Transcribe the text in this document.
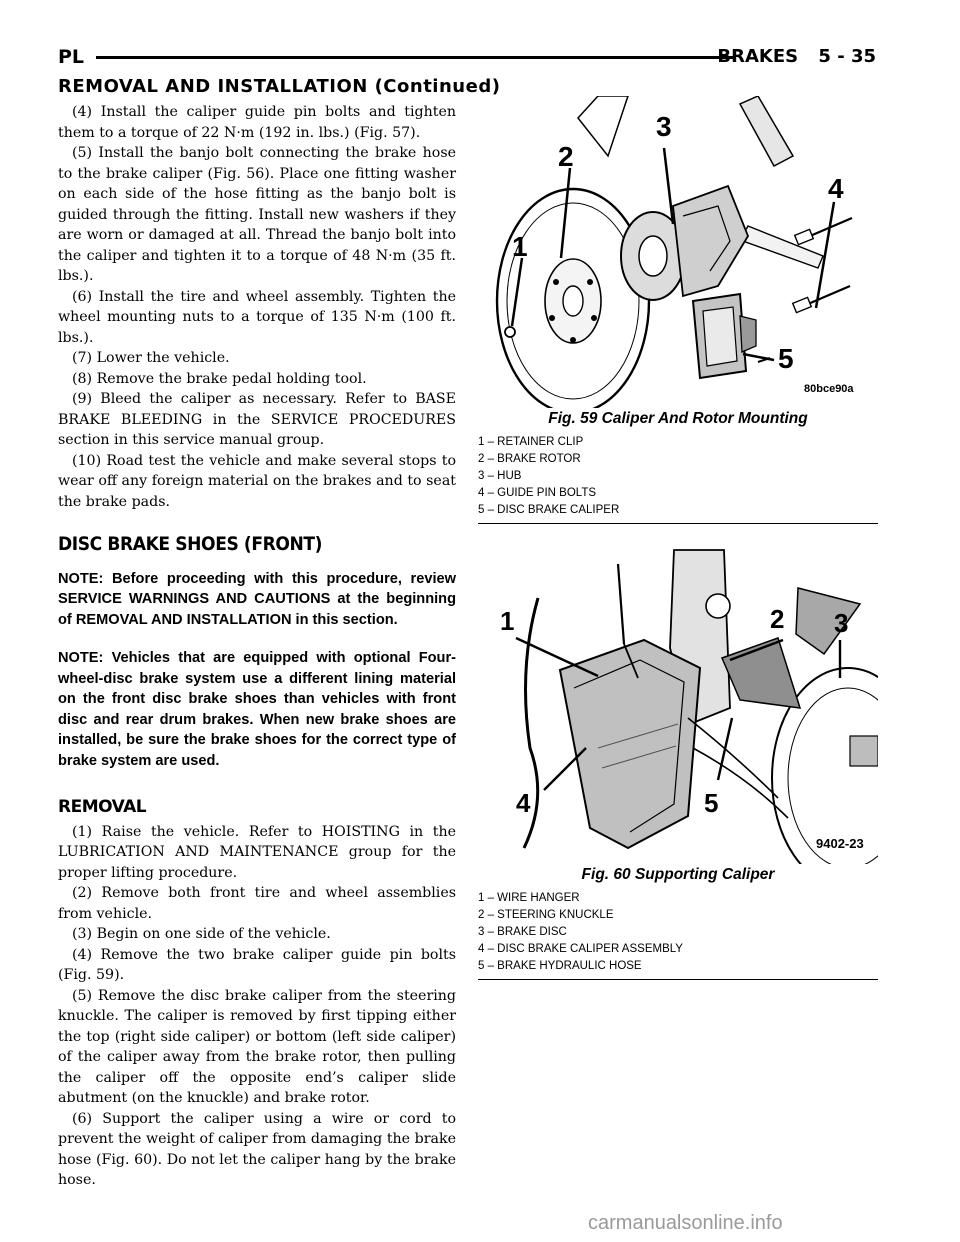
PL	BRAKES 5 - 35
REMOVAL AND INSTALLATION (Continued)

(4) Install the caliper guide pin bolts and tighten them to a torque of 22 N·m (192 in. lbs.) (Fig. 57).

(5) Install the banjo bolt connecting the brake hose to the brake caliper (Fig. 56). Place one fitting washer on each side of the hose fitting as the banjo bolt is guided through the fitting. Install new washers if they are worn or damaged at all. Thread the banjo bolt into the caliper and tighten it to a torque of 48 N·m (35 ft. lbs.).

(6) Install the tire and wheel assembly. Tighten the wheel mounting nuts to a torque of 135 N·m (100 ft. lbs.).

(7) Lower the vehicle.

(8) Remove the brake pedal holding tool.

(9) Bleed the caliper as necessary. Refer to BASE BRAKE BLEEDING in the SERVICE PROCEDURES section in this service manual group.

(10) Road test the vehicle and make several stops to wear off any foreign material on the brakes and to seat the brake pads.

DISC BRAKE SHOES (FRONT)
NOTE: Before proceeding with this procedure, review SERVICE WARNINGS AND CAUTIONS at the beginning of REMOVAL AND INSTALLATION in this section.
NOTE: Vehicles that are equipped with optional Four-wheel-disc brake system use a different lining material on the front disc brake shoes than vehicles with front disc and rear drum brakes. When new brake shoes are installed, be sure the brake shoes for the correct type of brake system are used.
REMOVAL

(1) Raise the vehicle. Refer to HOISTING in the LUBRICATION AND MAINTENANCE group for the proper lifting procedure.

(2) Remove both front tire and wheel assemblies from vehicle.

(3) Begin on one side of the vehicle.

(4) Remove the two brake caliper guide pin bolts (Fig. 59).

(5) Remove the disc brake caliper from the steering knuckle. The caliper is removed by first tipping either the top (right side caliper) or bottom (left side caliper) of the caliper away from the brake rotor, then pulling the caliper off the opposite end’s caliper slide abutment (on the knuckle) and brake rotor.

(6) Support the caliper using a wire or cord to prevent the weight of caliper from damaging the brake hose (Fig. 60). Do not let the caliper hang by the brake hose.

1
2
3
4
5
80bce90a
Fig. 59 Caliper And Rotor Mounting
1 – RETAINER CLIP
2 – BRAKE ROTOR
3 – HUB
4 – GUIDE PIN BOLTS
5 – DISC BRAKE CALIPER
1	2 3
4	5
9402-23
Fig. 60 Supporting Caliper
1 – WIRE HANGER
2 – STEERING KNUCKLE
3 – BRAKE DISC
4 – DISC BRAKE CALIPER ASSEMBLY
5 – BRAKE HYDRAULIC HOSE
carmanualsonline.info
